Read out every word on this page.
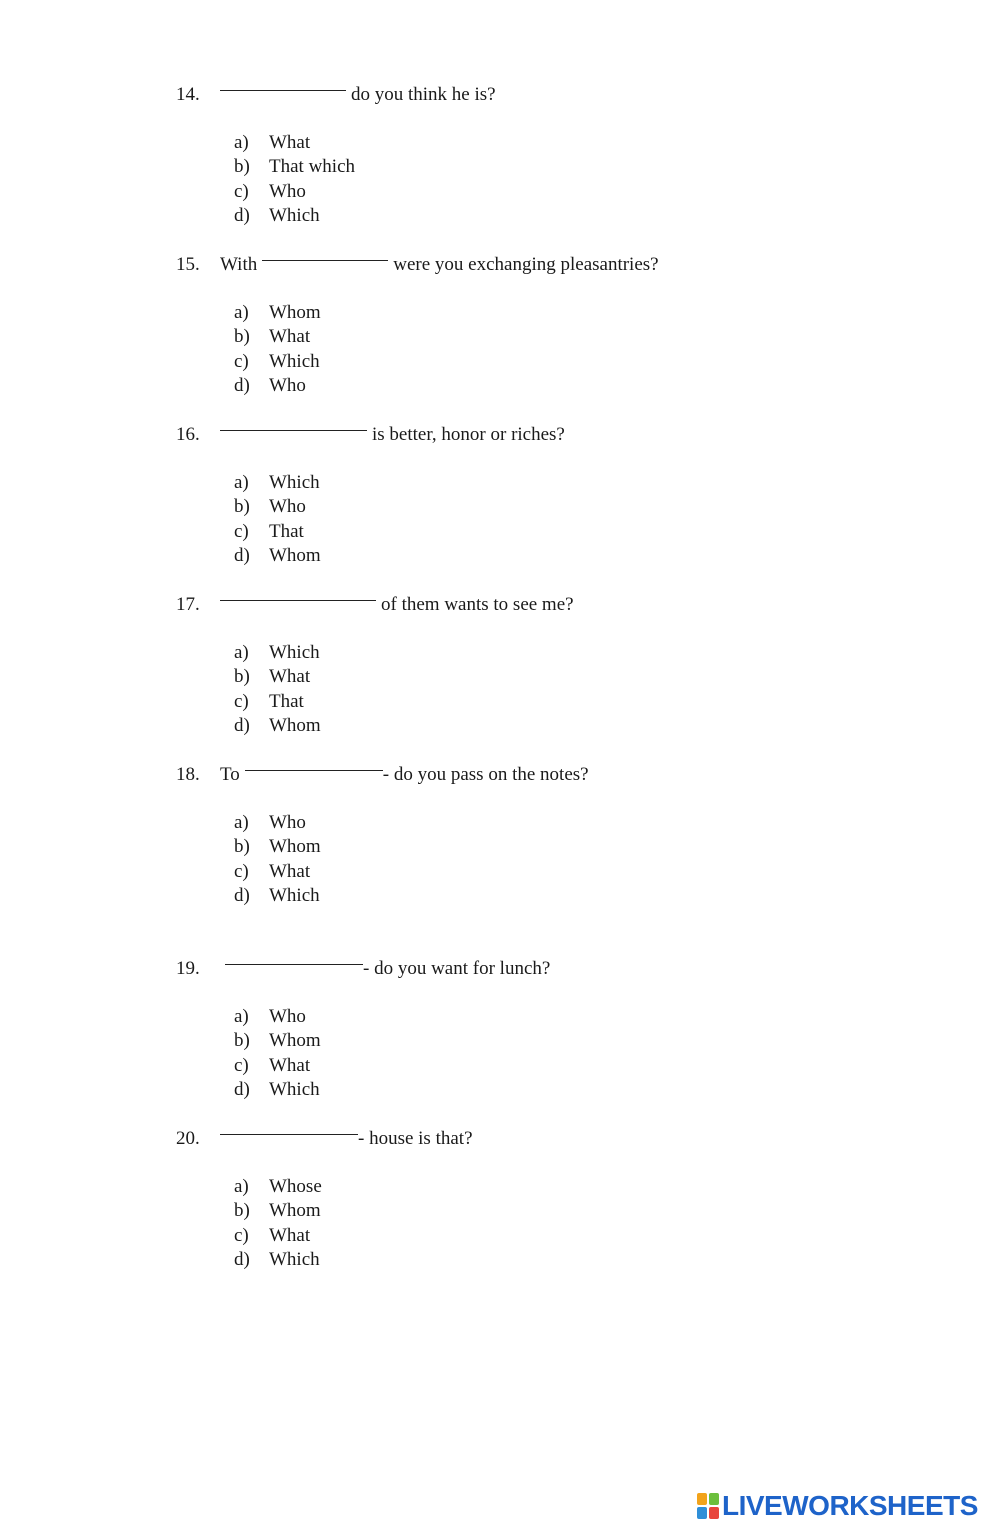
14.	do you think he is?
a) What
b) That which
c) Who
d) Which
15. With	were you exchanging pleasantries?
a) Whom
b) What
c) Which
d) Who
16.	is better, honor or riches?
a) Which
b) Who
c) That
d) Whom
17.	of them wants to see me?
a) Which
b) What
c) That
d) Whom
18. To	- do you pass on the notes?
a) Who
b) Whom
c) What
d) Which
19.	- do you want for lunch?
a) Who
b) Whom
c) What
d) Which
20.	- house is that?
a) Whose
b) Whom
c) What
d) Which
LIVEWORKSHEETS
